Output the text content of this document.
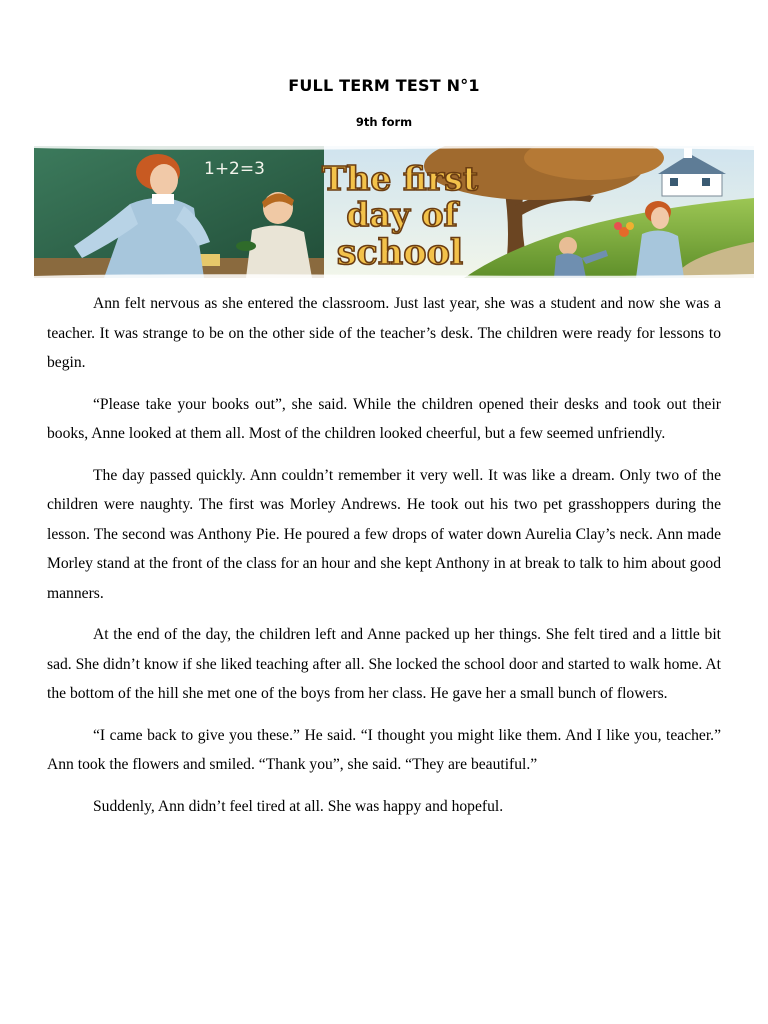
FULL TERM TEST N°1
9th form
1+2=3 The first
day of
school

Ann felt nervous as she entered the classroom. Just last year, she was a student and now she was a teacher. It was strange to be on the other side of the teacher’s desk. The children were ready for lessons to begin.

“Please take your books out”, she said. While the children opened their desks and took out their books, Anne looked at them all. Most of the children looked cheerful, but a few seemed unfriendly.

The day passed quickly. Ann couldn’t remember it very well. It was like a dream. Only two of the children were naughty. The first was Morley Andrews. He took out his two pet grasshoppers during the lesson. The second was Anthony Pie. He poured a few drops of water down Aurelia Clay’s neck. Ann made Morley stand at the front of the class for an hour and she kept Anthony in at break to talk to him about good manners.

At the end of the day, the children left and Anne packed up her things. She felt tired and a little bit sad. She didn’t know if she liked teaching after all. She locked the school door and started to walk home. At the bottom of the hill she met one of the boys from her class. He gave her a small bunch of flowers.

“I came back to give you these.” He said. “I thought you might like them. And I like you, teacher.” Ann took the flowers and smiled. “Thank you”, she said. “They are beautiful.”

Suddenly, Ann didn’t feel tired at all. She was happy and hopeful.
